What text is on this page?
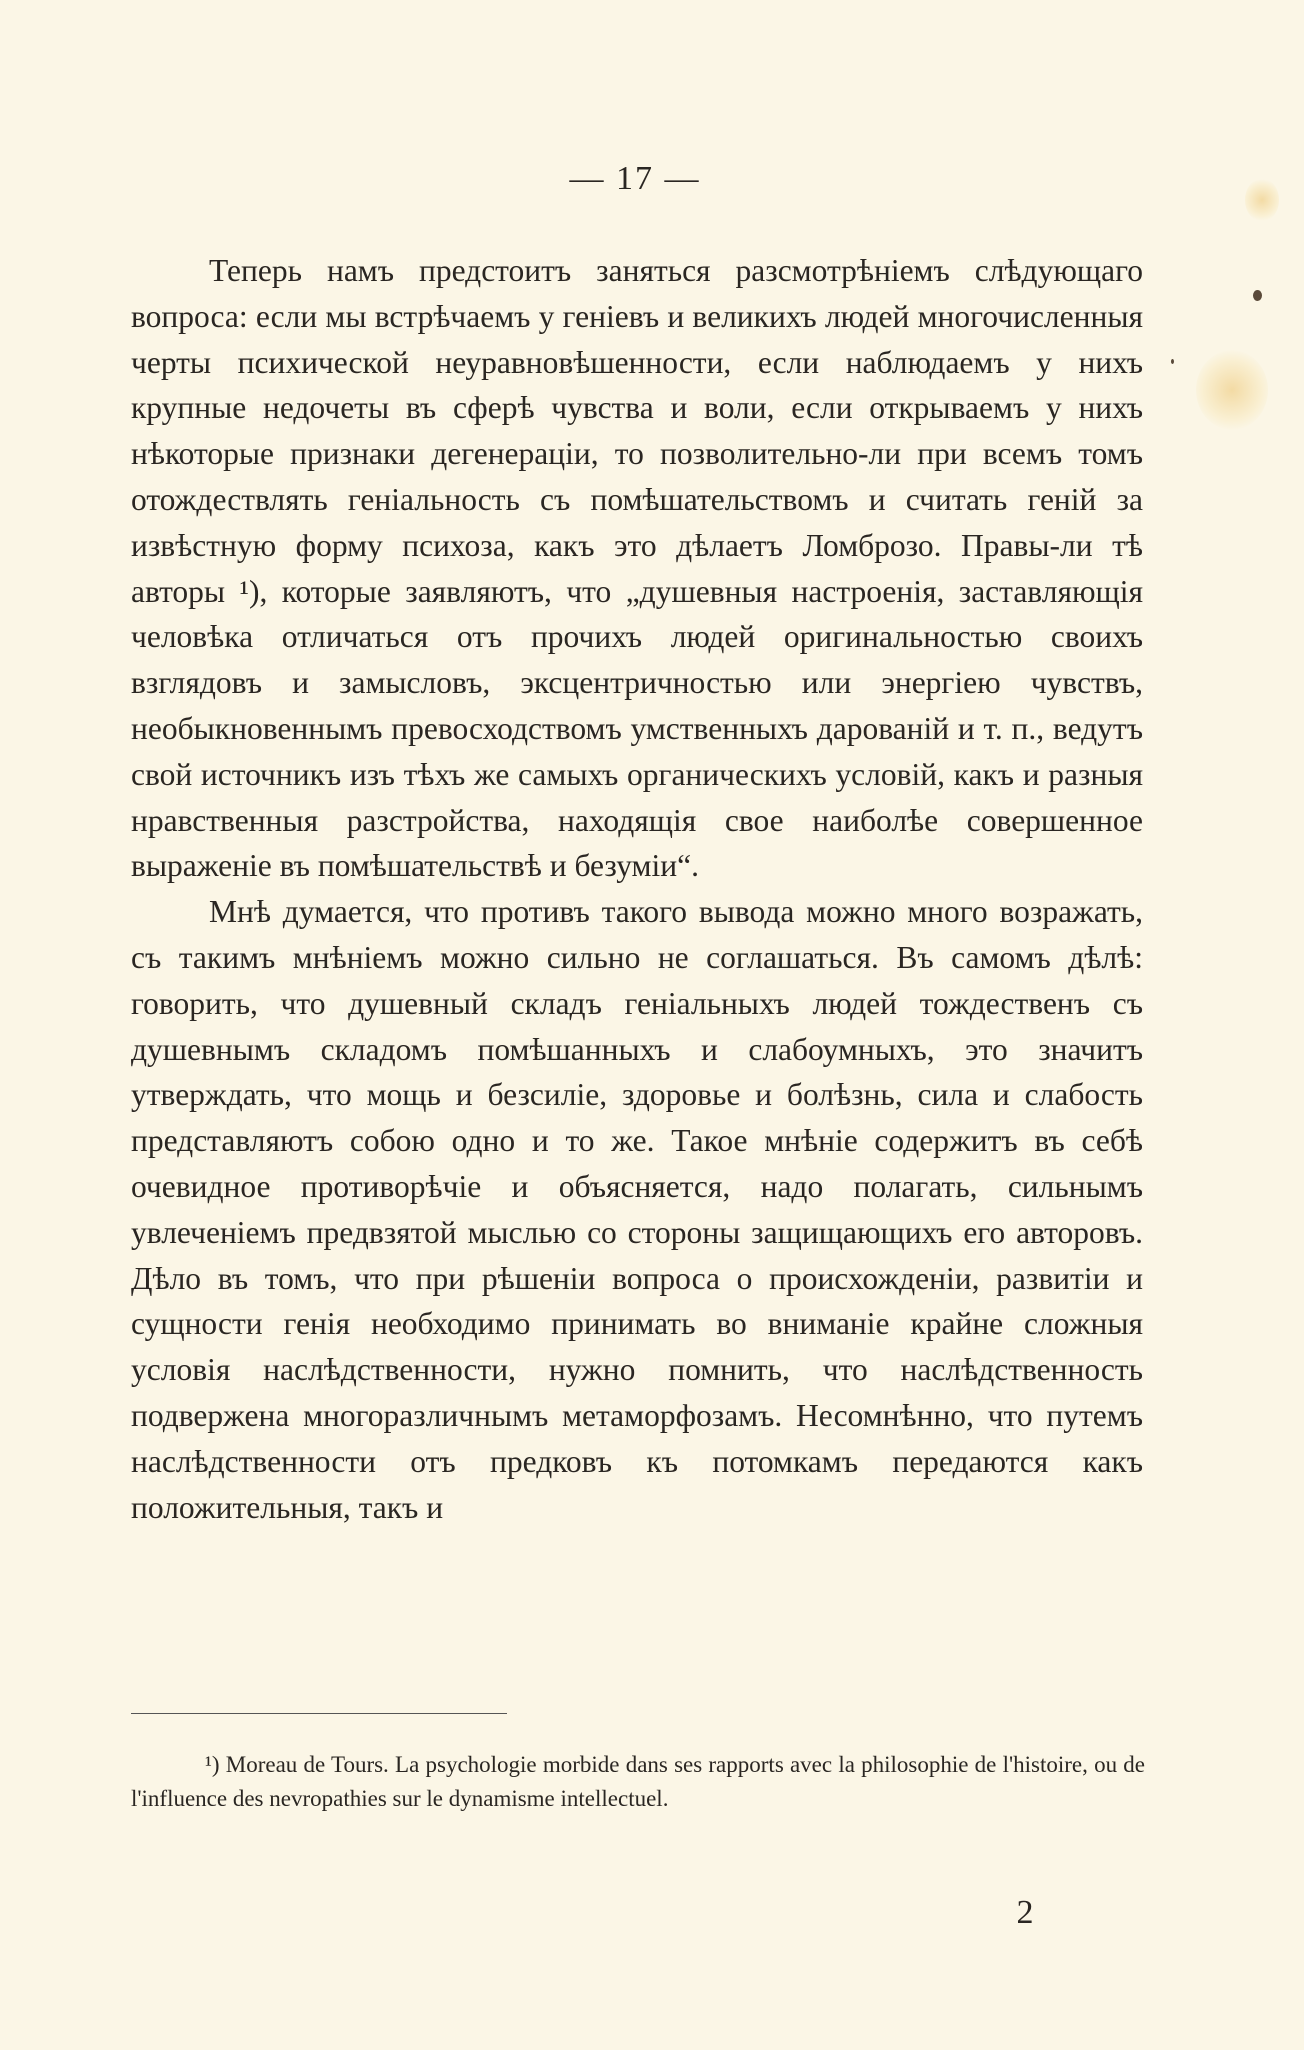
— 17 —

Теперь намъ предстоитъ заняться разсмотрѣніемъ слѣдующаго вопроса: если мы встрѣчаемъ у геніевъ и великихъ людей многочисленныя черты психической неуравновѣшенности, если наблюдаемъ у нихъ крупные недочеты въ сферѣ чувства и воли, если открываемъ у нихъ нѣкоторые признаки дегенераціи, то позволительно-ли при всемъ томъ отождествлять геніальность съ помѣшательствомъ и считать геній за извѣстную форму психоза, какъ это дѣлаетъ Ломброзо. Правы-ли тѣ авторы ¹), которые заявляютъ, что „душевныя настроенія, заставляющія человѣка отличаться отъ прочихъ людей оригинальностью своихъ взглядовъ и замысловъ, эксцентричностью или энергіею чувствъ, необыкновеннымъ превосходствомъ умственныхъ дарованій и т. п., ведутъ свой источникъ изъ тѣхъ же самыхъ органическихъ условій, какъ и разныя нравственныя разстройства, находящія свое наиболѣе совершенное выраженіе въ помѣшательствѣ и безуміи“.

Мнѣ думается, что противъ такого вывода можно много возражать, съ такимъ мнѣніемъ можно сильно не соглашаться. Въ самомъ дѣлѣ: говорить, что душевный складъ геніальныхъ людей тождественъ съ душевнымъ складомъ помѣшанныхъ и слабоумныхъ, это значитъ утверждать, что мощь и безсиліе, здоровье и болѣзнь, сила и слабость представляютъ собою одно и то же. Такое мнѣніе содержитъ въ себѣ очевидное противорѣчіе и объясняется, надо полагать, сильнымъ увлеченіемъ предвзятой мыслью со стороны защищающихъ его авторовъ. Дѣло въ томъ, что при рѣшеніи вопроса о происхожденіи, развитіи и сущности генія необходимо принимать во вниманіе крайне сложныя условія наслѣдственности, нужно помнить, что наслѣдственность подвержена многоразличнымъ метаморфозамъ. Несомнѣнно, что путемъ наслѣдственности отъ предковъ къ потомкамъ передаются какъ положительныя, такъ и

¹) Moreau de Tours. La psychologie morbide dans ses rapports avec la philosophie de l'histoire, ou de l'influence des nevropathies sur le dynamisme intellectuel.
2
